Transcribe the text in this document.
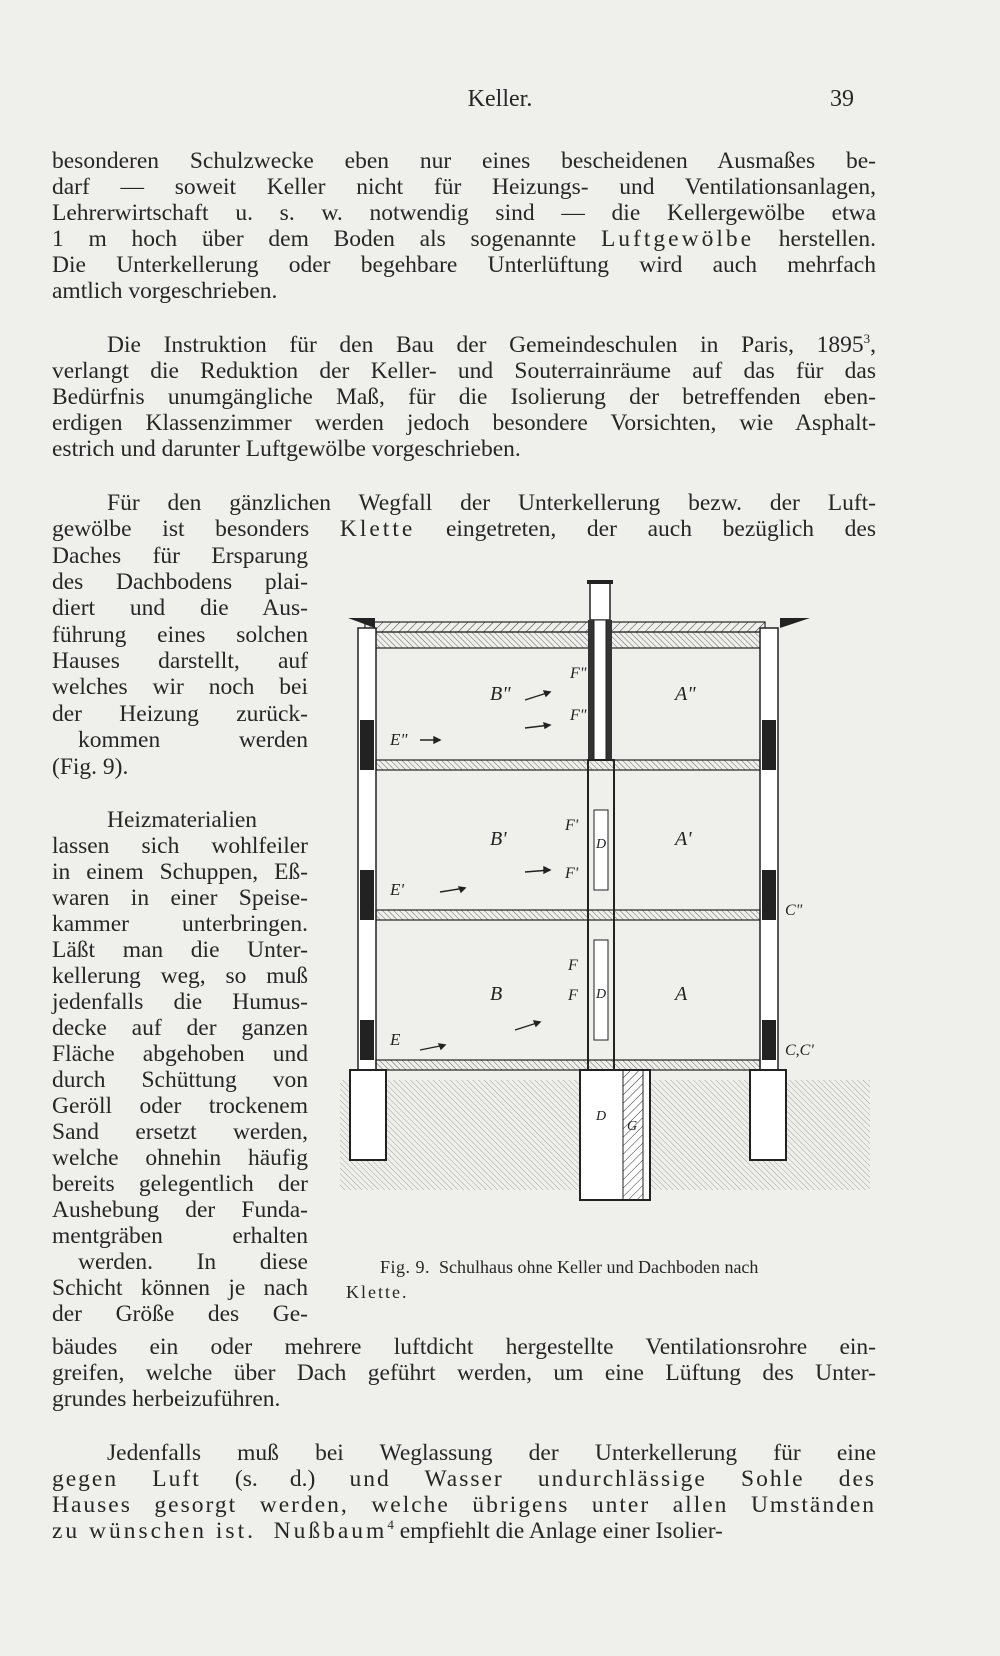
Keller.	39
besonderen Schulzwecke eben nur eines bescheidenen Ausmaßes be-
darf — soweit Keller nicht für Heizungs- und Ventilationsanlagen,
Lehrerwirtschaft u. s. w. notwendig sind — die Kellergewölbe etwa
1 m hoch über dem Boden als sogenannte Luftgewölbe herstellen.
Die Unterkellerung oder begehbare Unterlüftung wird auch mehrfach
amtlich vorgeschrieben.
Die Instruktion für den Bau der Gemeindeschulen in Paris, 1895$^3$,
verlangt die Reduktion der Keller- und Souterrainräume auf das für das
Bedürfnis unumgängliche Maß, für die Isolierung der betreffenden eben-
erdigen Klassenzimmer werden jedoch besondere Vorsichten, wie Asphalt-
estrich und darunter Luftgewölbe vorgeschrieben.
Für den gänzlichen Wegfall der Unterkellerung bezw. der Luft-
gewölbe ist besonders Klette eingetreten, der auch bezüglich des
Daches für Ersparung
des Dachbodens plai-
diert und die Aus-
führung eines solchen
Hauses darstellt, auf
welches wir noch bei
der Heizung zurück-
kommen werden
(Fig. 9).
Heizmaterialien
lassen sich wohlfeiler
in einem Schuppen, Eß-
waren in einer Speise-
kammer unterbringen.
Läßt man die Unter-
kellerung weg, so muß
jedenfalls die Humus-
decke auf der ganzen
Fläche abgehoben und
durch Schüttung von
Geröll oder trockenem
Sand ersetzt werden,
welche ohnehin häufig
bereits gelegentlich der
Aushebung der Funda-
mentgräben erhalten
werden. In diese
Schicht können je nach
der Größe des Ge-
bäudes ein oder mehrere luftdicht hergestellte Ventilationsrohre ein-
greifen, welche über Dach geführt werden, um eine Lüftung des Unter-
grundes herbeizuführen.
Jedenfalls muß bei Weglassung der Unterkellerung für eine
gegen Luft (s. d.) und Wasser undurchlässige Sohle des
Hauses gesorgt werden, welche übrigens unter allen Umständen
zu wünschen ist. Nußbaum$^4$ empfiehlt die Anlage einer Isolier-
B"	A"
B'	A'
B	A
E"
E'
E
F"
F"
F'
F'
F
F
D
D
D
G
C"
C,C'
Fig. 9. Schulhaus ohne Keller und Dachboden nach
Klette.
